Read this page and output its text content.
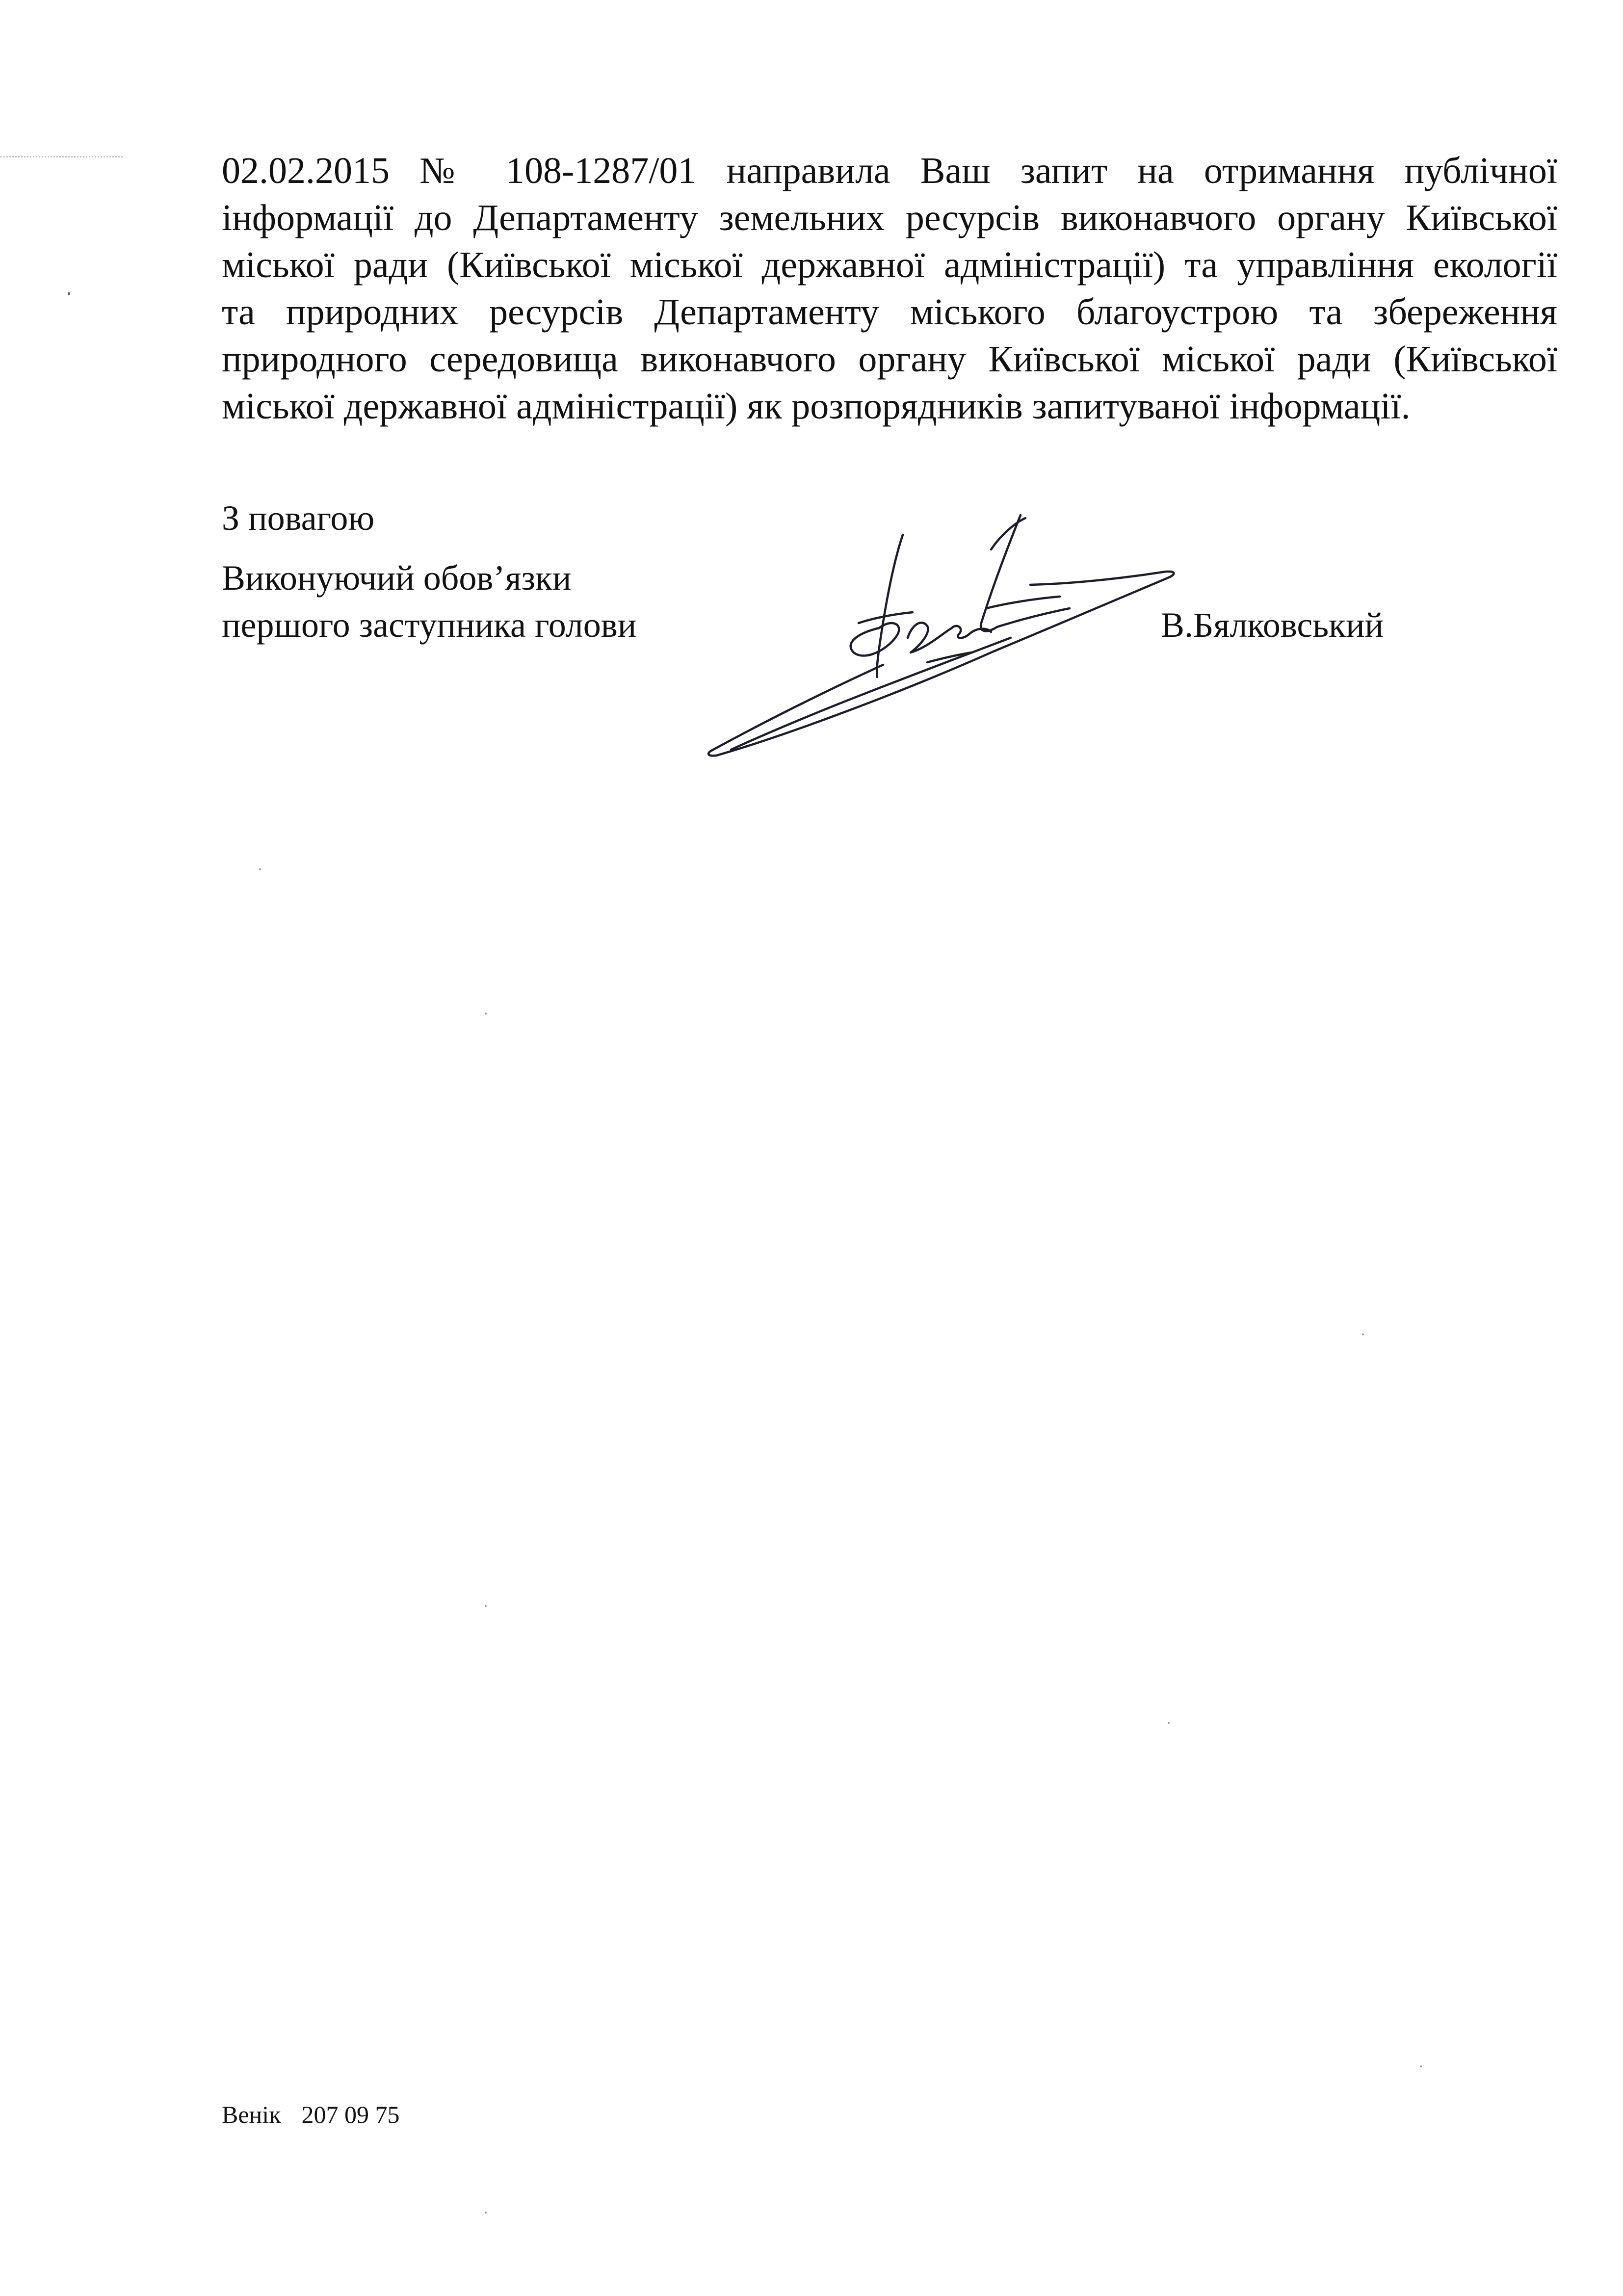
02.02.2015 № 108-1287/01 направила Ваш запит на отримання публічної
інформації до Департаменту земельних ресурсів виконавчого органу Київської
міської ради (Київської міської державної адміністрації) та управління екології
та природних ресурсів Департаменту міського благоустрою та збереження
природного середовища виконавчого органу Київської міської ради (Київської
міської державної адміністрації) як розпорядників запитуваної інформації.

З повагою

Виконуючий обов’язки
першого заступника голови	В.Бялковський

Венік 207 09 75
